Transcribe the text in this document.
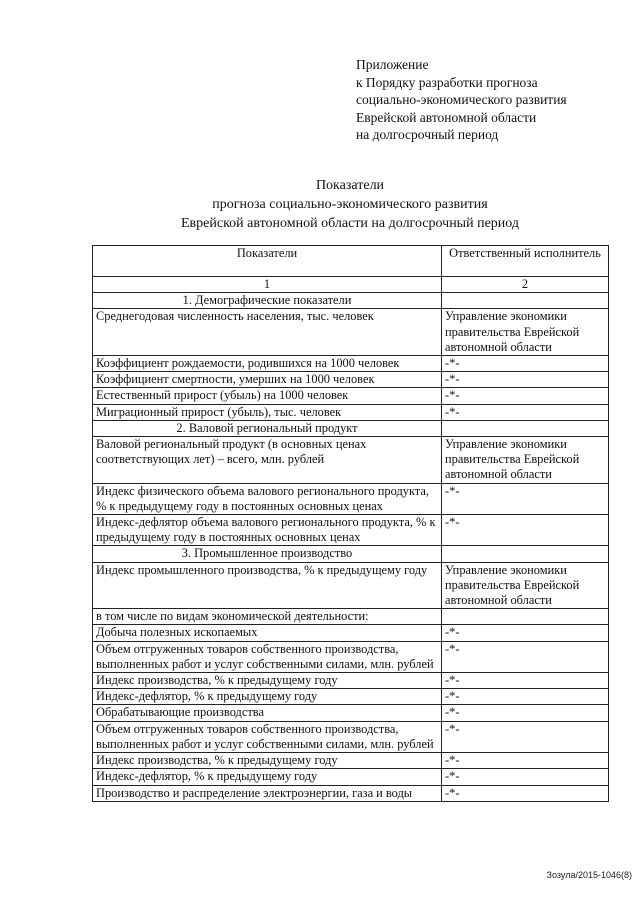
Приложение
к Порядку разработки прогноза
социально-экономического развития
Еврейской автономной области
на долгосрочный период
Показатели
прогноза социально-экономического развития
Еврейской автономной области на долгосрочный период
Показатели	Ответственный исполнитель
1	2
1. Демографические показатели	
Среднегодовая численность населения, тыс. человек	Управление экономики правительства Еврейской автономной области
Коэффициент рождаемости, родившихся на 1000 человек	-*-
Коэффициент смертности, умерших на 1000 человек	-*-
Естественный прирост (убыль) на 1000 человек	-*-
Миграционный прирост (убыль), тыс. человек	-*-
2. Валовой региональный продукт	
Валовой региональный продукт (в основных ценах соответствующих лет) – всего, млн. рублей	Управление экономики правительства Еврейской автономной области
Индекс физического объема валового регионального продукта, % к предыдущему году в постоянных основных ценах	-*-
Индекс-дефлятор объема валового регионального продукта, % к предыдущему году в постоянных основных ценах	-*-
3. Промышленное производство	
Индекс промышленного производства, % к предыдущему году	Управление экономики правительства Еврейской автономной области
в том числе по видам экономической деятельности:	
Добыча полезных ископаемых	-*-
Объем отгруженных товаров собственного производства, выполненных работ и услуг собственными силами, млн. рублей	-*-
Индекс производства, % к предыдущему году	-*-
Индекс-дефлятор, % к предыдущему году	-*-
Обрабатывающие производства	-*-
Объем отгруженных товаров собственного производства, выполненных работ и услуг собственными силами, млн. рублей	-*-
Индекс производства, % к предыдущему году	-*-
Индекс-дефлятор, % к предыдущему году	-*-
Производство и распределение электроэнергии, газа и воды	-*-
Зозула/2015-1046(8)
